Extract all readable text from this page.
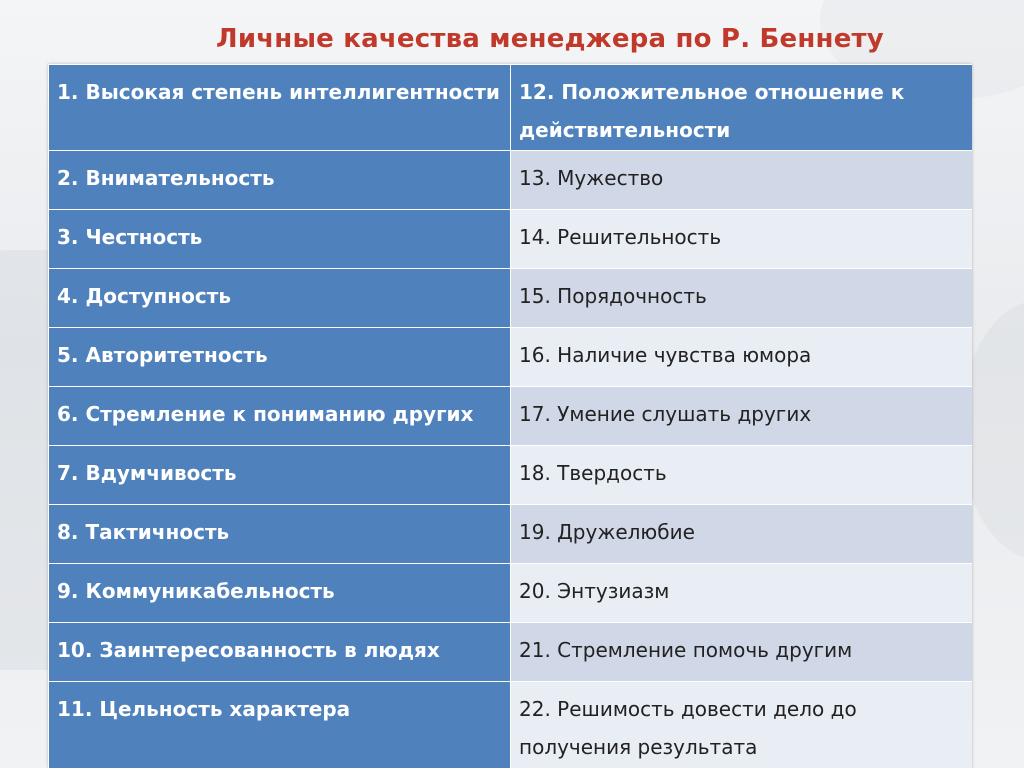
Личные качества менеджера по Р. Беннету
1. Высокая степень интеллигентности	12. Положительное отношение к действительности
2. Внимательность	13. Мужество
3. Честность	14. Решительность
4. Доступность	15. Порядочность
5. Авторитетность	16. Наличие чувства юмора
6. Стремление к пониманию других	17. Умение слушать других
7. Вдумчивость	18. Твердость
8. Тактичность	19. Дружелюбие
9. Коммуникабельность	20. Энтузиазм
10. Заинтересованность в людях	21. Стремление помочь другим
11. Цельность характера	22. Решимость довести дело до получения результата
